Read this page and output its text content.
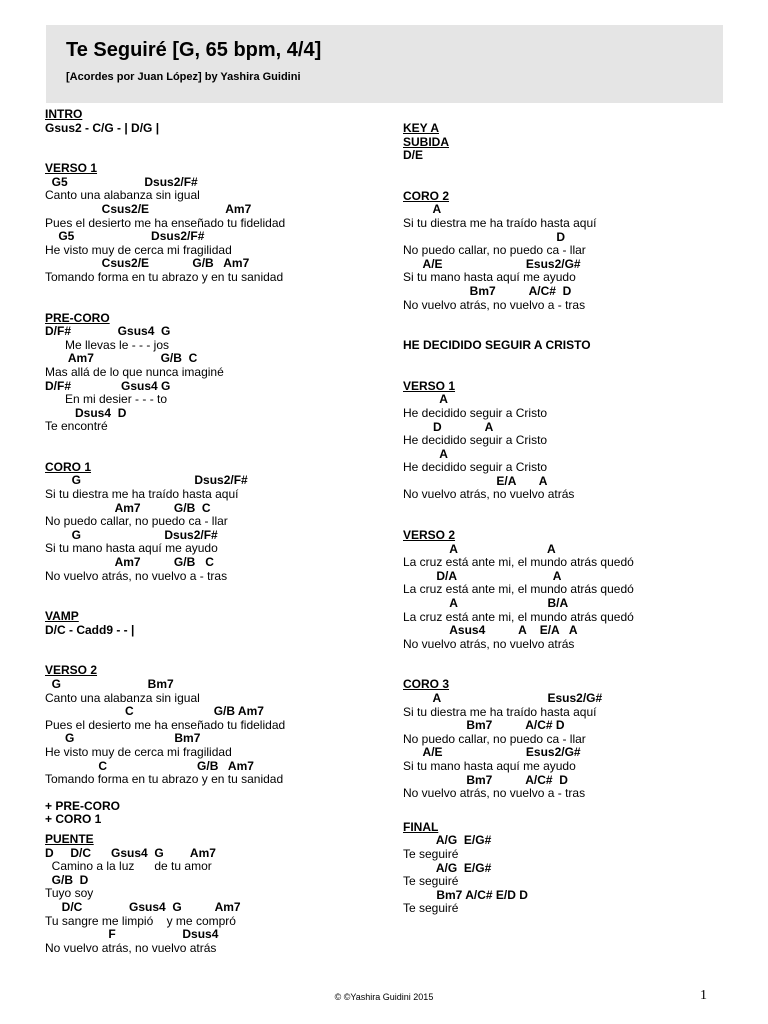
Te Seguiré [G, 65 bpm, 4/4]
[Acordes por Juan López] by Yashira Guidini
INTRO
Gsus2 - C/G - | D/G |
VERSO 1
G5                       Dsus2/F#
Canto una alabanza sin igual
Csus2/E                       Am7
Pues el desierto me ha enseñado tu fidelidad
G5                       Dsus2/F#
He visto muy de cerca mi fragilidad
Csus2/E             G/B   Am7
Tomando forma en tu abrazo y en tu sanidad
PRE-CORO
D/F#              Gsus4  G
Me llevas le - - - jos
Am7                    G/B  C
Mas allá de lo que nunca imaginé
D/F#               Gsus4 G
En mi desier - - - to
Dsus4  D
Te encontré
CORO 1
G                                  Dsus2/F#
Si tu diestra me ha traído hasta aquí
Am7          G/B  C
No puedo callar, no puedo ca - llar
G                         Dsus2/F#
Si tu mano hasta aquí me ayudo
Am7          G/B   C
No vuelvo atrás, no vuelvo a - tras
VAMP
D/C - Cadd9 - - |
VERSO 2
G                          Bm7
Canto una alabanza sin igual
C                        G/B Am7
Pues el desierto me ha enseñado tu fidelidad
G                              Bm7
He visto muy de cerca mi fragilidad
C                           G/B   Am7
Tomando forma en tu abrazo y en tu sanidad
+ PRE-CORO
+ CORO 1
PUENTE
D     D/C      Gsus4  G        Am7
Camino a la luz      de tu amor
G/B  D
Tuyo soy
D/C              Gsus4  G          Am7
Tu sangre me limpió    y me compró
F                    Dsus4
No vuelvo atrás, no vuelvo atrás
KEY A
SUBIDA
D/E
CORO 2
A
Si tu diestra me ha traído hasta aquí
D
No puedo callar, no puedo ca - llar
A/E                         Esus2/G#
Si tu mano hasta aquí me ayudo
Bm7          A/C#  D
No vuelvo atrás, no vuelvo a - tras
HE DECIDIDO SEGUIR A CRISTO
VERSO 1
A
He decidido seguir a Cristo
D             A
He decidido seguir a Cristo
A
He decidido seguir a Cristo
E/A       A
No vuelvo atrás, no vuelvo atrás
VERSO 2
A                           A
La cruz está ante mi, el mundo atrás quedó
D/A                             A
La cruz está ante mi, el mundo atrás quedó
A                           B/A
La cruz está ante mi, el mundo atrás quedó
Asus4          A    E/A   A
No vuelvo atrás, no vuelvo atrás
CORO 3
A                                Esus2/G#
Si tu diestra me ha traído hasta aquí
Bm7          A/C# D
No puedo callar, no puedo ca - llar
A/E                         Esus2/G#
Si tu mano hasta aquí me ayudo
Bm7          A/C#  D
No vuelvo atrás, no vuelvo a - tras
FINAL
A/G  E/G#
Te seguiré
A/G  E/G#
Te seguiré
Bm7 A/C# E/D D
Te seguiré
© ©Yashira Guidini 2015	1
